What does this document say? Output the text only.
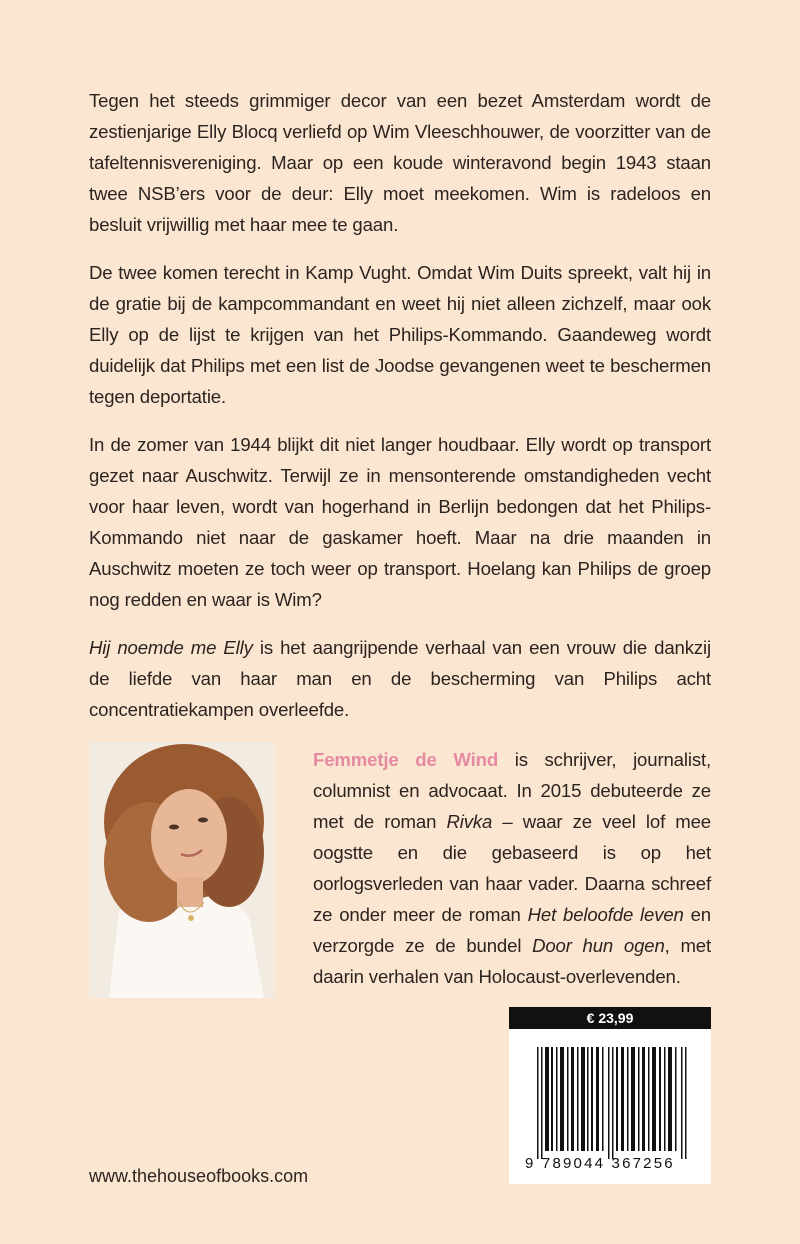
Tegen het steeds grimmiger decor van een bezet Amsterdam wordt de zestienjarige Elly Blocq verliefd op Wim Vleeschhouwer, de voorzitter van de tafeltennisvereniging. Maar op een koude winteravond begin 1943 staan twee NSB’ers voor de deur: Elly moet meekomen. Wim is radeloos en besluit vrijwillig met haar mee te gaan.

De twee komen terecht in Kamp Vught. Omdat Wim Duits spreekt, valt hij in de gratie bij de kampcommandant en weet hij niet alleen zichzelf, maar ook Elly op de lijst te krijgen van het Philips-Kommando. Gaandeweg wordt duidelijk dat Philips met een list de Joodse gevangenen weet te beschermen tegen deportatie.

In de zomer van 1944 blijkt dit niet langer houdbaar. Elly wordt op transport gezet naar Auschwitz. Terwijl ze in mensonterende omstandigheden vecht voor haar leven, wordt van hogerhand in Berlijn bedongen dat het Philips-Kommando niet naar de gaskamer hoeft. Maar na drie maanden in Auschwitz moeten ze toch weer op transport. Hoelang kan Philips de groep nog redden en waar is Wim?

Hij noemde me Elly is het aangrijpende verhaal van een vrouw die dankzij de liefde van haar man en de bescherming van Philips acht concentratiekampen overleefde.

Femmetje de Wind is schrijver, journalist, columnist en advocaat. In 2015 debuteerde ze met de roman Rivka – waar ze veel lof mee oogstte en die gebaseerd is op het oorlogsverleden van haar vader. Daarna schreef ze onder meer de roman Het beloofde leven en verzorgde ze de bundel Door hun ogen, met daarin verhalen van Holocaust-overlevenden.
€ 23,99
9 789044 367256
www.thehouseofbooks.com
